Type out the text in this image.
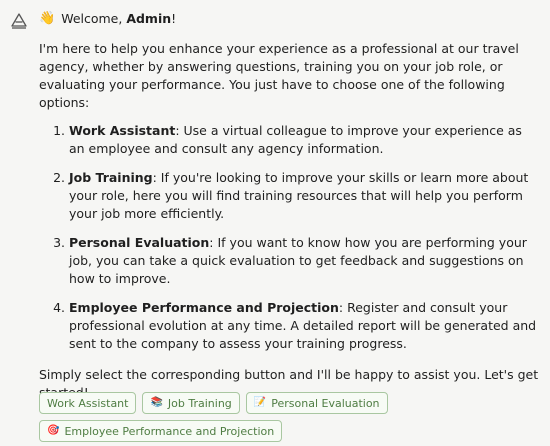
👋 Welcome, Admin!

I'm here to help you enhance your experience as a professional at our travel agency, whether by answering questions, training you on your job role, or evaluating your performance. You just have to choose one of the following options:

1. Work Assistant: Use a virtual colleague to improve your experience as an employee and consult any agency information.
2. Job Training: If you're looking to improve your skills or learn more about your role, here you will find training resources that will help you perform your job more efficiently.
3. Personal Evaluation: If you want to know how you are performing your job, you can take a quick evaluation to get feedback and suggestions on how to improve.
4. Employee Performance and Projection: Register and consult your professional evolution at any time. A detailed report will be generated and sent to the company to assess your training progress.

Simply select the corresponding button and I'll be happy to assist you. Let's get

Work Assistant 📚 Job Training 📝 Personal Evaluation
🎯 Employee Performance and Projection
